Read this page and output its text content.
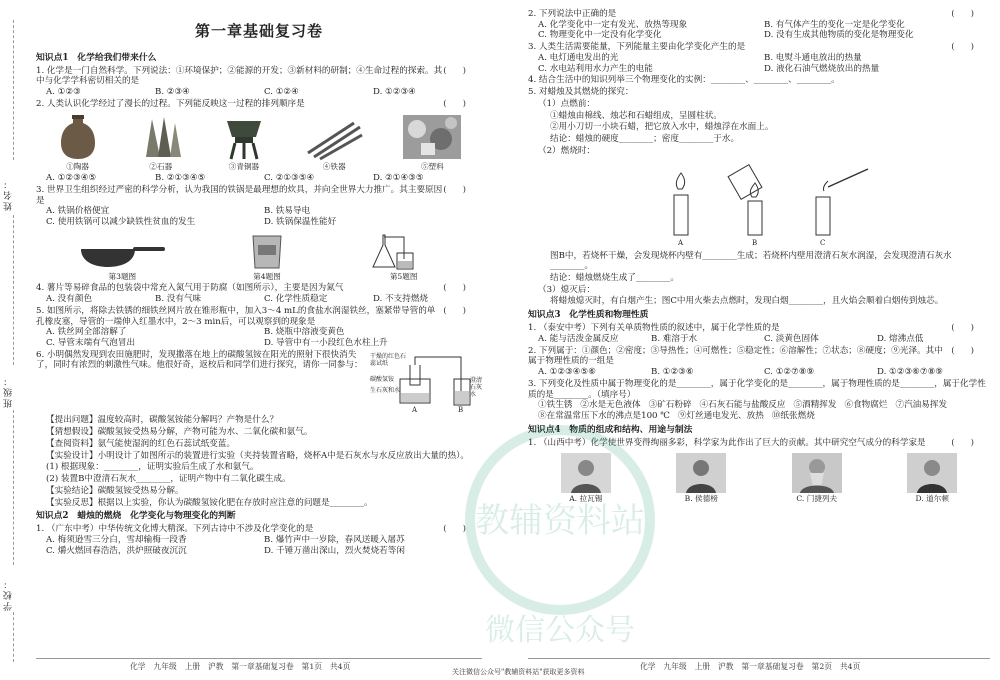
姓名：
班级：
学校：
第一章基础复习卷
知识点1　化学给我们带来什么
()
1. 化学是一门自然科学。下列说法：①环境保护；②能源的开发；③新材料的研制；④生命过程的探索。其中与化学学科密切相关的是
A. ①②③	B. ②③④	C. ①②④	D. ①②③④
()
2. 人类认识化学经过了漫长的过程。下列能反映这一过程的排列顺序是
①陶器	②石器	③青铜器	④铁器	⑤塑料
A. ①②③④⑤	B. ②①③④⑤	C. ②①③⑤④	D. ②①④③⑤
()
3. 世界卫生组织经过严密的科学分析，认为我国的铁锅是最理想的炊具，并向全世界大力推广。其主要原因是
A. 铁锅价格便宜	B. 铁易导电
C. 使用铁锅可以减少缺铁性贫血的发生	D. 铁锅保温性能好
第3题图	第4题图	第5题图
()
4. 薯片等易碎食品的包装袋中常充入氮气用于防腐（如图所示），主要是因为氮气
A. 没有颜色	B. 没有气味	C. 化学性质稳定	D. 不支持燃烧
()
5. 如图所示，将除去铁锈的细铁丝网片放在锥形瓶中，加入3～4 mL的食盐水润湿铁丝，塞紧带导管的单孔橡皮塞，导管的一端伸入红墨水中，2～3 min后，可以观察到的现象是
A. 铁丝网全部溶解了	B. 烧瓶中溶液变黄色
C. 导管末端有气泡冒出	D. 导管中有一小段红色水柱上升
6. 小明偶然发现到农田施肥时，发现撒落在地上的碳酸氢铵在阳光的照射下很快消失了，同时有浓烈的刺激性气味。他很好奇，返校后和同学们进行探究，请你一同参与：
干燥的红色石蕊试纸
碳酸氢铵
生石灰和水
澄清石灰水
A	B
【提出问题】温度较高时，碳酸氢铵能分解吗？产物是什么？
【猜想假设】碳酸氢铵受热易分解，产物可能为水、二氧化碳和氨气。
【查阅资料】氨气能使湿润的红色石蕊试纸变蓝。
【实验设计】小明设计了如图所示的装置进行实验（夹持装置省略，烧杯A中是石灰水与水反应放出大量的热）。
(1) 根据现象：________，证明实验后生成了水和氨气。
(2) 装置B中澄清石灰水________，证明产物中有二氧化碳生成。
【实验结论】碳酸氢铵受热易分解。
【实验反思】根据以上实验，你认为碳酸氢铵化肥在存放时应注意的问题是________。
知识点2　蜡烛的燃烧　化学变化与物理变化的判断
()
1. （广东中考）中华传统文化博大精深。下列古诗中不涉及化学变化的是
A. 梅须逊雪三分白，雪却输梅一段香	B. 爆竹声中一岁除，春风送暖入屠苏
C. 爝火燃回春浩浩，洪炉照破夜沉沉	D. 千锤万凿出深山，烈火焚烧若等闲
()
2. 下列说法中正确的是
A. 化学变化中一定有发光、放热等现象	B. 有气体产生的变化一定是化学变化
C. 物理变化中一定没有化学变化	D. 没有生成其他物质的变化是物理变化
()
3. 人类生活需要能量，下列能量主要由化学变化产生的是
A. 电灯通电发出的光	B. 电熨斗通电放出的热量
C. 水电站利用水力产生的电能	D. 液化石油气燃烧放出的热量
4. 结合生活中的知识列举三个物理变化的实例：________、________、________。
5. 对蜡烛及其燃烧的探究：
（1）点燃前：
①蜡烛由棉线、烛芯和石蜡组成，呈圆柱状。
②用小刀切一小块石蜡，把它放入水中，蜡烛浮在水面上。
结论：蜡烛的硬度________；密度________于水。
（2）燃烧时：
A	B	C
图B中，若烧杯干燥，会发现烧杯内壁有________生成；若烧杯内壁用澄清石灰水润湿，会发现澄清石灰水________。
结论：蜡烛燃烧生成了________。
（3）熄灭后：
将蜡烛熄灭时，有白烟产生；图C中用火柴去点燃时，发现白烟________，且火焰会顺着白烟传到烛芯。
知识点3　化学性质和物理性质
()
1. （泰安中考）下列有关单质物性质的叙述中，属于化学性质的是
A. 能与活泼金属反应	B. 难溶于水	C. 淡黄色固体	D. 熔沸点低
()
2. 下列属于：①颜色；②密度；③导热性；④可燃性；⑤稳定性；⑥溶解性；⑦状态；⑧硬度；⑨光泽。其中属于物理性质的一组是
A. ①②③④⑤⑥	B. ①②③⑥	C. ①②⑦⑧⑨	D. ①②③⑥⑦⑧⑨
3. 下列变化及性质中属于物理变化的是________，属于化学变化的是________，属于物理性质的是________，属于化学性质的是________。（填序号）
①铁生锈 ②水是无色液体 ③矿石粉碎 ④石灰石能与盐酸反应 ⑤酒精挥发 ⑥食物腐烂 ⑦汽油易挥发
⑧在常温常压下水的沸点是100 ℃ ⑨灯丝通电发光、放热 ⑩纸张燃烧
知识点4　物质的组成和结构、用途与制法
()
1. （山西中考）化学使世界变得绚丽多彩，科学家为此作出了巨大的贡献。其中研究空气成分的科学家是
A. 拉瓦锡	B. 侯德榜	C. 门捷列夫	D. 道尔顿
教辅资料站
微信公众号
化学　九年级　上册　沪教　第一章基础复习卷　第1页　共4页
关注微信公众号"教辅资料站"获取更多资料
化学　九年级　上册　沪教　第一章基础复习卷　第2页　共4页
